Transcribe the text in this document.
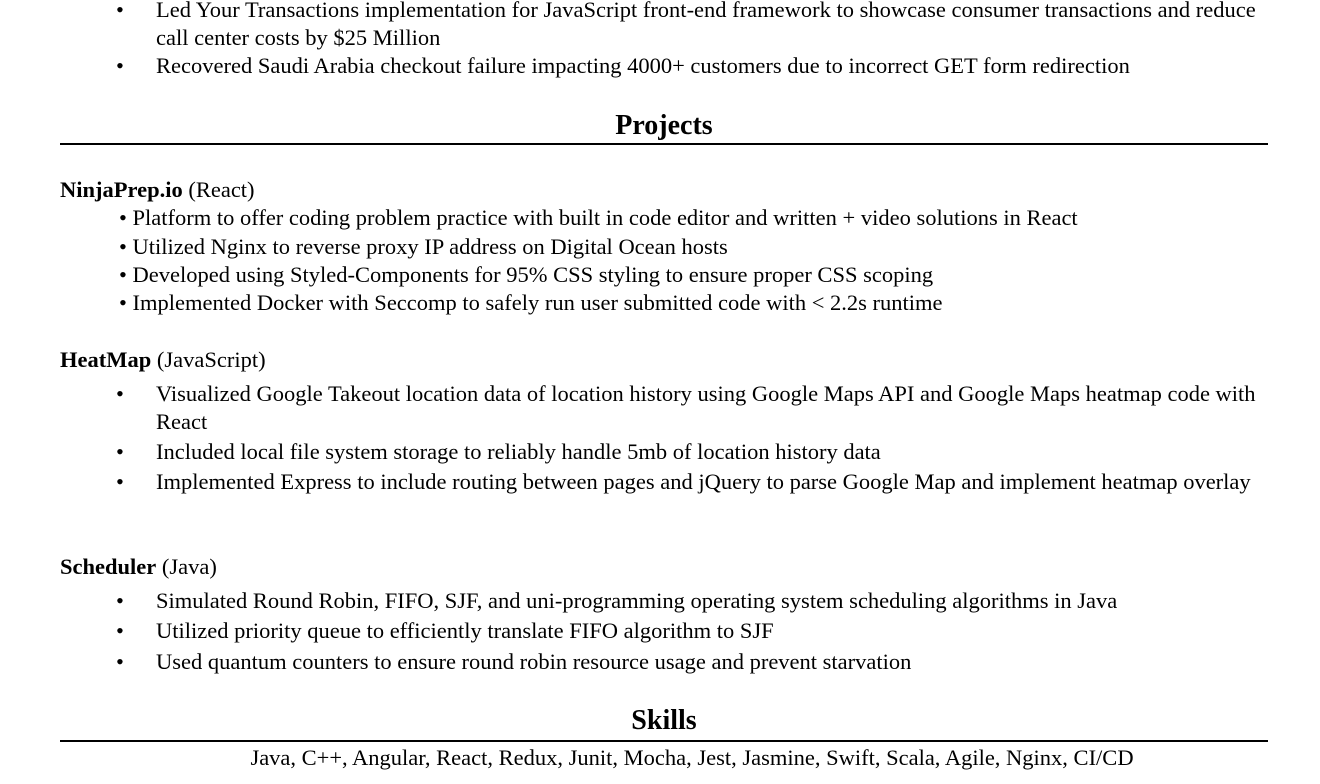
• Led Your Transactions implementation for JavaScript front-end framework to showcase consumer transactions and reduce call center costs by $25 Million
• Recovered Saudi Arabia checkout failure impacting 4000+ customers due to incorrect GET form redirection
Projects
NinjaPrep.io (React)
• Platform to offer coding problem practice with built in code editor and written + video solutions in React
• Utilized Nginx to reverse proxy IP address on Digital Ocean hosts
• Developed using Styled-Components for 95% CSS styling to ensure proper CSS scoping
• Implemented Docker with Seccomp to safely run user submitted code with < 2.2s runtime
HeatMap (JavaScript)
• Visualized Google Takeout location data of location history using Google Maps API and Google Maps heatmap code with React
• Included local file system storage to reliably handle 5mb of location history data
• Implemented Express to include routing between pages and jQuery to parse Google Map and implement heatmap overlay
Scheduler (Java)
• Simulated Round Robin, FIFO, SJF, and uni-programming operating system scheduling algorithms in Java
• Utilized priority queue to efficiently translate FIFO algorithm to SJF
• Used quantum counters to ensure round robin resource usage and prevent starvation
Skills
Java, C++, Angular, React, Redux, Junit, Mocha, Jest, Jasmine, Swift, Scala, Agile, Nginx, CI/CD
